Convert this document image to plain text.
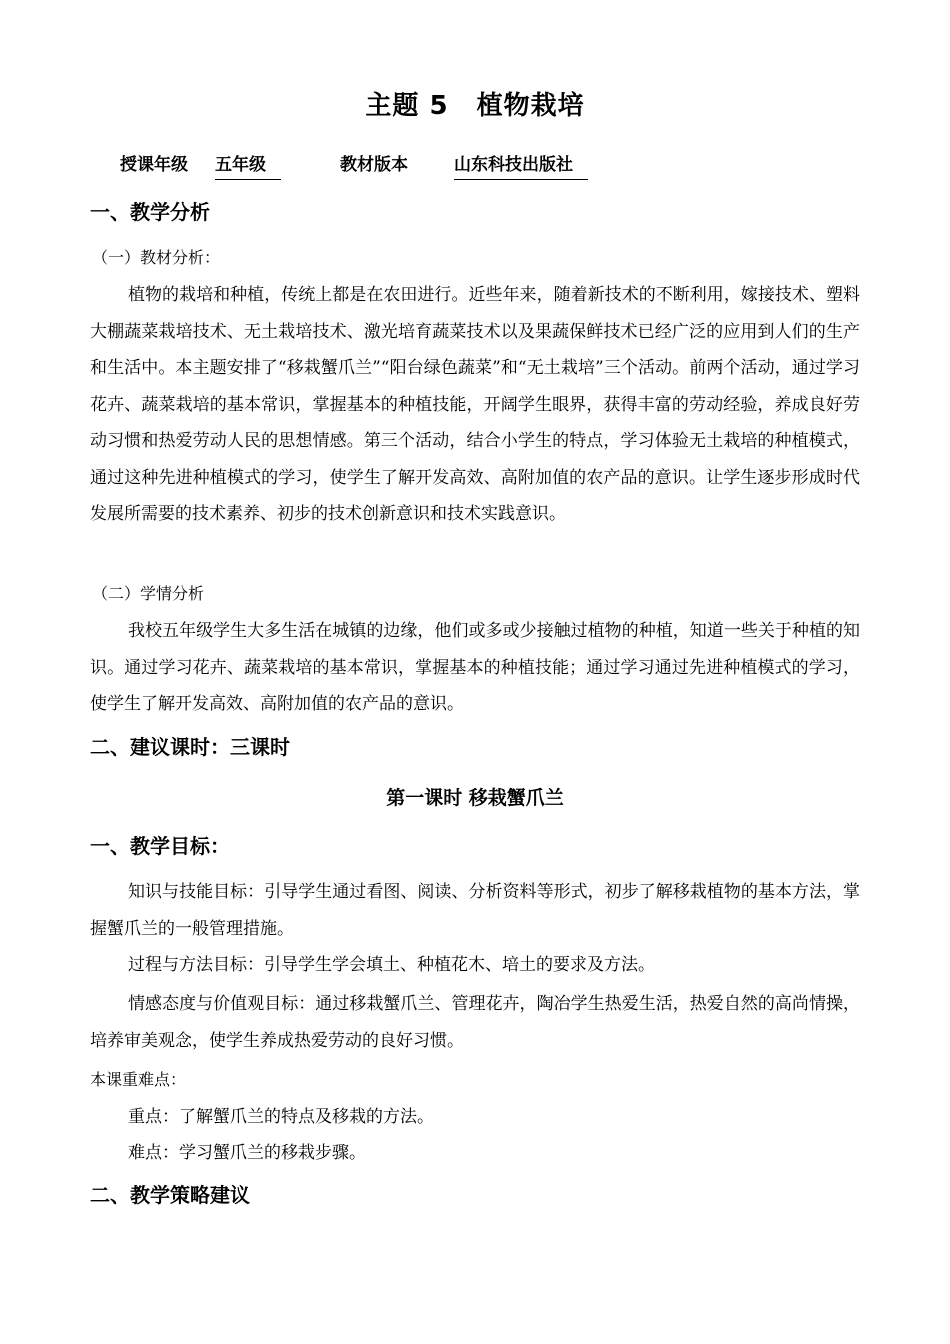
主题 5 植物栽培
授课年级 五年级	教材版本	山东科技出版社
一、教学分析
（一）教材分析：

植物的栽培和种植，传统上都是在农田进行。近些年来，随着新技术的不断利用，嫁接技术、塑料大棚蔬菜栽培技术、无土栽培技术、激光培育蔬菜技术以及果蔬保鲜技术已经广泛的应用到人们的生产和生活中。本主题安排了“移栽蟹爪兰”“阳台绿色蔬菜”和“无土栽培”三个活动。前两个活动，通过学习花卉、蔬菜栽培的基本常识，掌握基本的种植技能，开阔学生眼界，获得丰富的劳动经验，养成良好劳动习惯和热爱劳动人民的思想情感。第三个活动，结合小学生的特点，学习体验无土栽培的种植模式，通过这种先进种植模式的学习，使学生了解开发高效、高附加值的农产品的意识。让学生逐步形成时代发展所需要的技术素养、初步的技术创新意识和技术实践意识。

（二）学情分析

我校五年级学生大多生活在城镇的边缘，他们或多或少接触过植物的种植，知道一些关于种植的知识。通过学习花卉、蔬菜栽培的基本常识，掌握基本的种植技能；通过学习通过先进种植模式的学习，使学生了解开发高效、高附加值的农产品的意识。

二、建议课时：三课时
第一课时 移栽蟹爪兰
一、教学目标：

知识与技能目标：引导学生通过看图、阅读、分析资料等形式，初步了解移栽植物的基本方法，掌握蟹爪兰的一般管理措施。

过程与方法目标：引导学生学会填土、种植花木、培土的要求及方法。

情感态度与价值观目标：通过移栽蟹爪兰、管理花卉，陶冶学生热爱生活，热爱自然的高尚情操，培养审美观念，使学生养成热爱劳动的良好习惯。

本课重难点：
重点：了解蟹爪兰的特点及移栽的方法。
难点：学习蟹爪兰的移栽步骤。
二、教学策略建议
